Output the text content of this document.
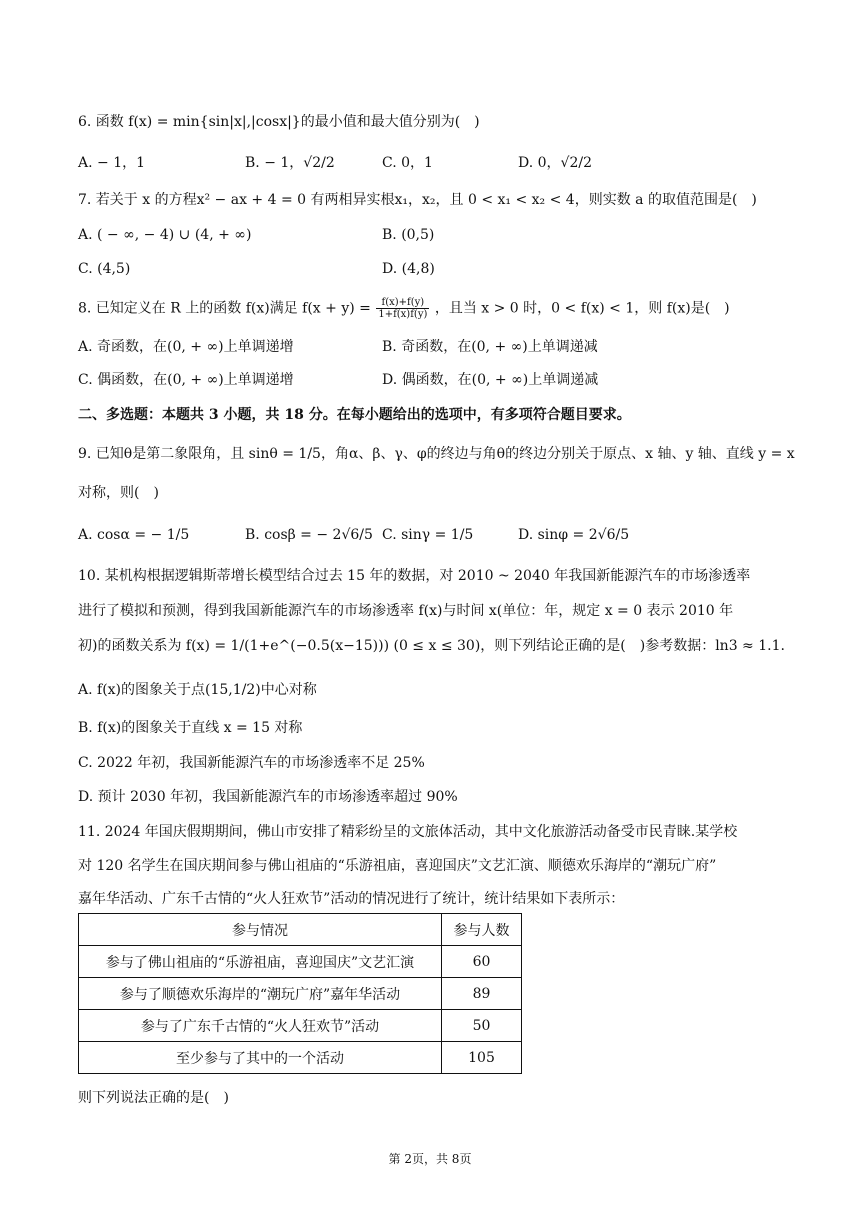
6. 函数 f(x) = min{sin|x|,|cosx|}的最小值和最大值分别为(　)
A. − 1，1	B. − 1，√2/2	C. 0，1	D. 0，√2/2
7. 若关于 x 的方程x² − ax + 4 = 0 有两相异实根x₁，x₂，且 0 < x₁ < x₂ < 4，则实数 a 的取值范围是(　)
A. ( − ∞, − 4) ∪ (4, + ∞)	B. (0,5)
C. (4,5)	D. (4,8)
8. 已知定义在 R 上的函数 f(x)满足 $f(x + y) = \frac{f(x)+f(y)}{1+f(x)f(y)}$ ，且当 x > 0 时，0 < f(x) < 1，则 f(x)是(　)
A. 奇函数，在(0, + ∞)上单调递增	B. 奇函数，在(0, + ∞)上单调递减
C. 偶函数，在(0, + ∞)上单调递增	D. 偶函数，在(0, + ∞)上单调递减
二、多选题：本题共 3 小题，共 18 分。在每小题给出的选项中，有多项符合题目要求。
9. 已知θ是第二象限角，且 sinθ = 1/5，角α、β、γ、φ的终边与角θ的终边分别关于原点、x 轴、y 轴、直线 y = x
对称，则(　)
A. cosα = − 1/5	B. cosβ = − 2√6/5 C. sinγ = 1/5	D. sinφ = 2√6/5
10. 某机构根据逻辑斯蒂增长模型结合过去 15 年的数据，对 2010 ~ 2040 年我国新能源汽车的市场渗透率
进行了模拟和预测，得到我国新能源汽车的市场渗透率 f(x)与时间 x(单位：年，规定 x = 0 表示 2010 年
初)的函数关系为 f(x) = 1/(1+e^(−0.5(x−15))) (0 ≤ x ≤ 30)，则下列结论正确的是(　)参考数据：ln3 ≈ 1.1.
A. f(x)的图象关于点(15,1/2)中心对称
B. f(x)的图象关于直线 x = 15 对称
C. 2022 年初，我国新能源汽车的市场渗透率不足 25%
D. 预计 2030 年初，我国新能源汽车的市场渗透率超过 90%
11. 2024 年国庆假期期间，佛山市安排了精彩纷呈的文旅体活动，其中文化旅游活动备受市民青睐.某学校
对 120 名学生在国庆期间参与佛山祖庙的“乐游祖庙，喜迎国庆”文艺汇演、顺德欢乐海岸的“潮玩广府”
嘉年华活动、广东千古情的“火人狂欢节”活动的情况进行了统计，统计结果如下表所示：
参与情况	参与人数
参与了佛山祖庙的“乐游祖庙，喜迎国庆”文艺汇演	60
参与了顺德欢乐海岸的“潮玩广府”嘉年华活动	89
参与了广东千古情的“火人狂欢节”活动	50
至少参与了其中的一个活动	105
则下列说法正确的是(　)
第 2页，共 8页
